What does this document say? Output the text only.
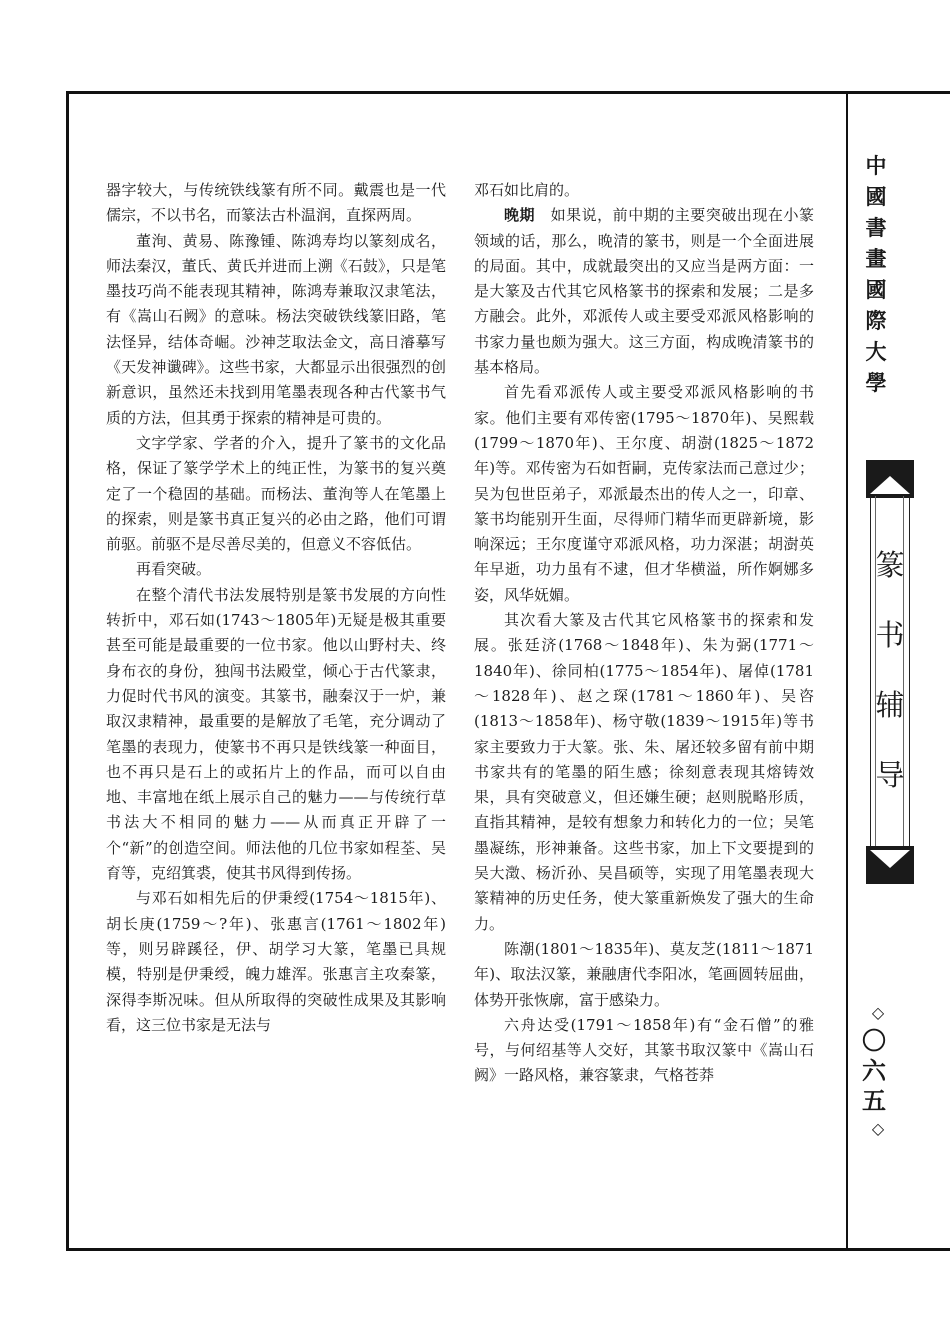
器字较大，与传统铁线篆有所不同。戴震也是一代儒宗，不以书名，而篆法古朴温润，直探两周。

董洵、黄易、陈豫锺、陈鸿寿均以篆刻成名，师法秦汉，董氏、黄氏并进而上溯《石鼓》，只是笔墨技巧尚不能表现其精神，陈鸿寿兼取汉隶笔法，有《嵩山石阙》的意味。杨法突破铁线篆旧路，笔法怪异，结体奇崛。沙神芝取法金文，高日濬摹写《天发神谶碑》。这些书家，大都显示出很强烈的创新意识，虽然还未找到用笔墨表现各种古代篆书气质的方法，但其勇于探索的精神是可贵的。

文字学家、学者的介入，提升了篆书的文化品格，保证了篆学学术上的纯正性，为篆书的复兴奠定了一个稳固的基础。而杨法、董洵等人在笔墨上的探索，则是篆书真正复兴的必由之路，他们可谓前驱。前驱不是尽善尽美的，但意义不容低估。

再看突破。

在整个清代书法发展特别是篆书发展的方向性转折中，邓石如(1743～1805年)无疑是极其重要甚至可能是最重要的一位书家。他以山野村夫、终身布衣的身份，独闯书法殿堂，倾心于古代篆隶，力促时代书风的演变。其篆书，融秦汉于一炉，兼取汉隶精神，最重要的是解放了毛笔，充分调动了笔墨的表现力，使篆书不再只是铁线篆一种面目，也不再只是石上的或拓片上的作品，而可以自由地、丰富地在纸上展示自己的魅力——与传统行草书法大不相同的魅力——从而真正开辟了一个“新”的创造空间。师法他的几位书家如程荃、吴育等，克绍箕裘，使其书风得到传扬。

与邓石如相先后的伊秉绶(1754～1815年)、胡长庚(1759～?年)、张惠言(1761～1802年)等，则另辟蹊径，伊、胡学习大篆，笔墨已具规模，特别是伊秉绶，魄力雄浑。张惠言主攻秦篆，深得李斯况味。但从所取得的突破性成果及其影响看，这三位书家是无法与

邓石如比肩的。

晚期　如果说，前中期的主要突破出现在小篆领域的话，那么，晚清的篆书，则是一个全面进展的局面。其中，成就最突出的又应当是两方面：一是大篆及古代其它风格篆书的探索和发展；二是多方融会。此外，邓派传人或主要受邓派风格影响的书家力量也颇为强大。这三方面，构成晚清篆书的基本格局。

首先看邓派传人或主要受邓派风格影响的书家。他们主要有邓传密(1795～1870年)、吴熙载(1799～1870年)、王尔度、胡澍(1825～1872年)等。邓传密为石如哲嗣，克传家法而己意过少；吴为包世臣弟子，邓派最杰出的传人之一，印章、篆书均能别开生面，尽得师门精华而更辟新境，影响深远；王尔度谨守邓派风格，功力深湛；胡澍英年早逝，功力虽有不逮，但才华横溢，所作婀娜多姿，风华妩媚。

其次看大篆及古代其它风格篆书的探索和发展。张廷济(1768～1848年)、朱为弼(1771～1840年)、徐同柏(1775～1854年)、屠倬(1781～1828年)、赵之琛(1781～1860年)、吴咨(1813～1858年)、杨守敬(1839～1915年)等书家主要致力于大篆。张、朱、屠还较多留有前中期书家共有的笔墨的陌生感；徐刻意表现其熔铸效果，具有突破意义，但还嫌生硬；赵则脱略形质，直指其精神，是较有想象力和转化力的一位；吴笔墨凝练，形神兼备。这些书家，加上下文要提到的吴大澂、杨沂孙、吴昌硕等，实现了用笔墨表现大篆精神的历史任务，使大篆重新焕发了强大的生命力。

陈潮(1801～1835年)、莫友芝(1811～1871年)、取法汉篆，兼融唐代李阳冰，笔画圆转屈曲，体势开张恢廓，富于感染力。

六舟达受(1791～1858年)有“金石僧”的雅号，与何绍基等人交好，其篆书取汉篆中《嵩山石阙》一路风格，兼容篆隶，气格苍莽

中
國
書
畫
國
際
大
學
篆
书
辅
导
◇
〇六五
◇
